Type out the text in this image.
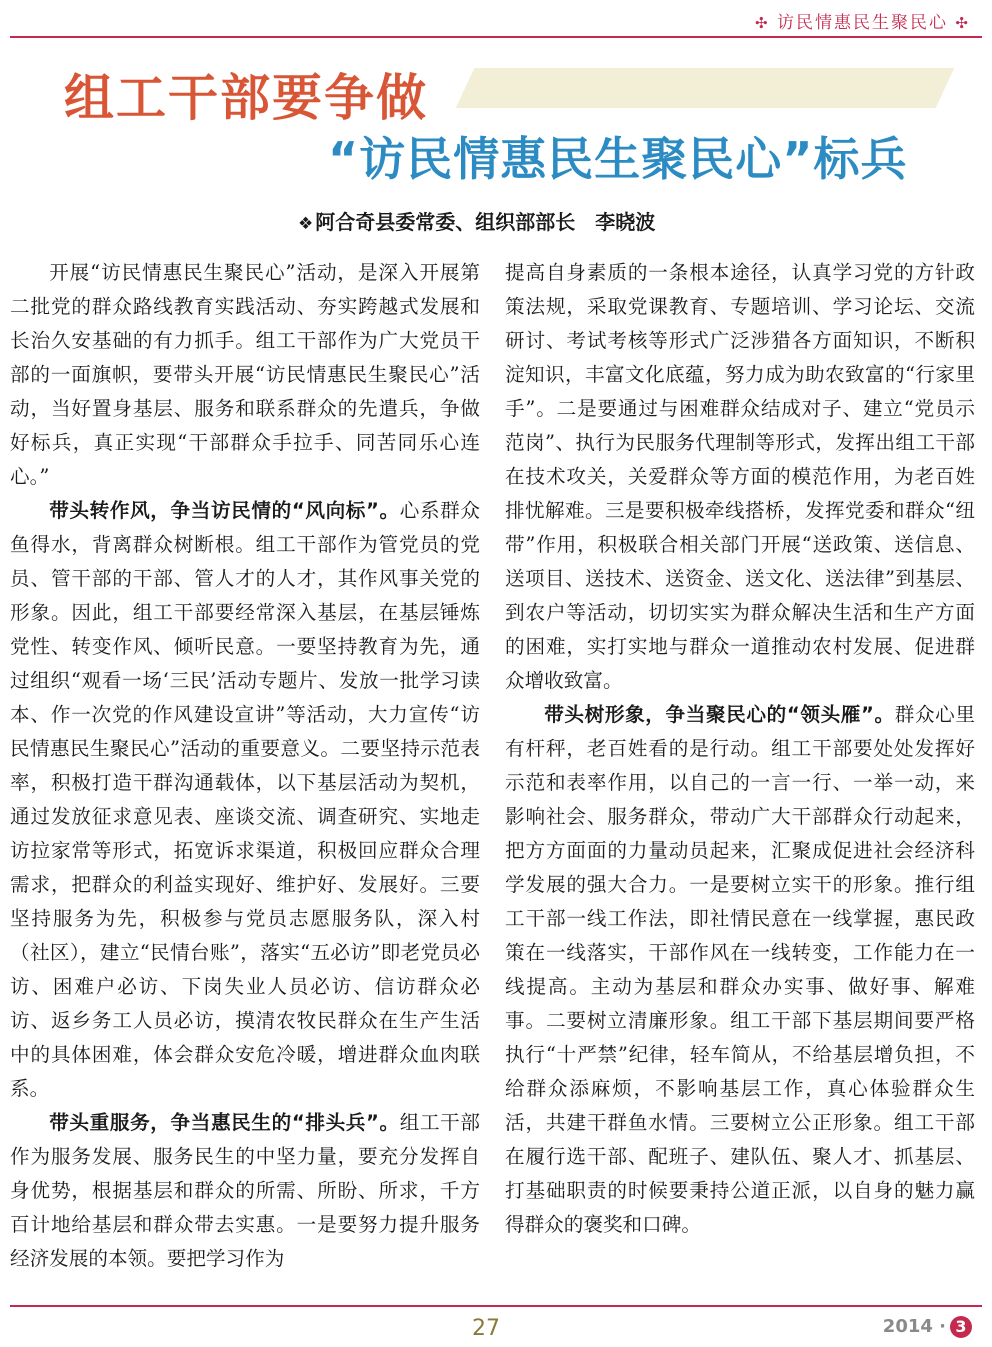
✣ 访民情惠民生聚民心 ✣
组工干部要争做
“访民情惠民生聚民心”标兵
❖ 阿合奇县委常委、组织部部长　李晓波

开展“访民情惠民生聚民心”活动，是深入开展第二批党的群众路线教育实践活动、夯实跨越式发展和长治久安基础的有力抓手。组工干部作为广大党员干部的一面旗帜，要带头开展“访民情惠民生聚民心”活动，当好置身基层、服务和联系群众的先遣兵，争做好标兵，真正实现“干部群众手拉手、同苦同乐心连心。”

带头转作风，争当访民情的“风向标”。心系群众鱼得水，背离群众树断根。组工干部作为管党员的党员、管干部的干部、管人才的人才，其作风事关党的形象。因此，组工干部要经常深入基层，在基层锤炼党性、转变作风、倾听民意。一要坚持教育为先，通过组织“观看一场‘三民’活动专题片、发放一批学习读本、作一次党的作风建设宣讲”等活动，大力宣传“访民情惠民生聚民心”活动的重要意义。二要坚持示范表率，积极打造干群沟通载体，以下基层活动为契机，通过发放征求意见表、座谈交流、调查研究、实地走访拉家常等形式，拓宽诉求渠道，积极回应群众合理需求，把群众的利益实现好、维护好、发展好。三要坚持服务为先，积极参与党员志愿服务队，深入村（社区），建立“民情台账”，落实“五必访”即老党员必访、困难户必访、下岗失业人员必访、信访群众必访、返乡务工人员必访，摸清农牧民群众在生产生活中的具体困难，体会群众安危冷暖，增进群众血肉联系。

带头重服务，争当惠民生的“排头兵”。组工干部作为服务发展、服务民生的中坚力量，要充分发挥自身优势，根据基层和群众的所需、所盼、所求，千方百计地给基层和群众带去实惠。一是要努力提升服务经济发展的本领。要把学习作为

提高自身素质的一条根本途径，认真学习党的方针政策法规，采取党课教育、专题培训、学习论坛、交流研讨、考试考核等形式广泛涉猎各方面知识，不断积淀知识，丰富文化底蕴，努力成为助农致富的“行家里手”。二是要通过与困难群众结成对子、建立“党员示范岗”、执行为民服务代理制等形式，发挥出组工干部在技术攻关，关爱群众等方面的模范作用，为老百姓排忧解难。三是要积极牵线搭桥，发挥党委和群众“纽带”作用，积极联合相关部门开展“送政策、送信息、送项目、送技术、送资金、送文化、送法律”到基层、到农户等活动，切切实实为群众解决生活和生产方面的困难，实打实地与群众一道推动农村发展、促进群众增收致富。

带头树形象，争当聚民心的“领头雁”。群众心里有杆秤，老百姓看的是行动。组工干部要处处发挥好示范和表率作用，以自己的一言一行、一举一动，来影响社会、服务群众，带动广大干部群众行动起来，把方方面面的力量动员起来，汇聚成促进社会经济科学发展的强大合力。一是要树立实干的形象。推行组工干部一线工作法，即社情民意在一线掌握，惠民政策在一线落实，干部作风在一线转变，工作能力在一线提高。主动为基层和群众办实事、做好事、解难事。二要树立清廉形象。组工干部下基层期间要严格执行“十严禁”纪律，轻车简从，不给基层增负担，不给群众添麻烦，不影响基层工作，真心体验群众生活，共建干群鱼水情。三要树立公正形象。组工干部在履行选干部、配班子、建队伍、聚人才、抓基层、打基础职责的时候要秉持公道正派，以自身的魅力赢得群众的褒奖和口碑。

27	2014 · 3
